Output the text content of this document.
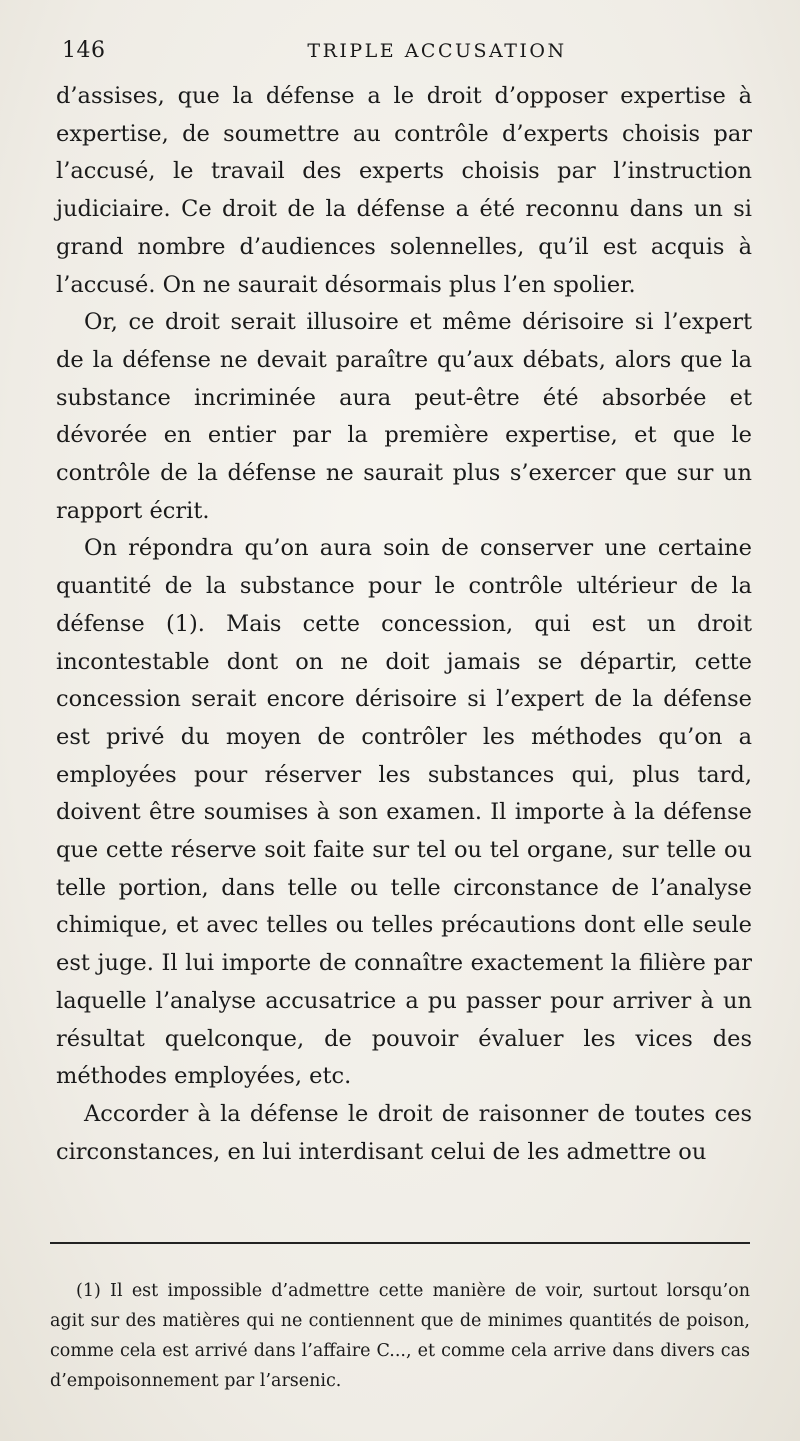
146	TRIPLE ACCUSATION

d’assises, que la défense a le droit d’opposer expertise à expertise, de soumettre au contrôle d’experts choisis par l’accusé, le travail des experts choisis par l’instruction judiciaire. Ce droit de la défense a été reconnu dans un si grand nombre d’audiences solennelles, qu’il est acquis à l’accusé. On ne saurait désormais plus l’en spolier.

Or, ce droit serait illusoire et même dérisoire si l’expert de la défense ne devait paraître qu’aux débats, alors que la substance incriminée aura peut-être été absorbée et dévorée en entier par la première expertise, et que le contrôle de la défense ne saurait plus s’exercer que sur un rapport écrit.

On répondra qu’on aura soin de conserver une certaine quantité de la substance pour le contrôle ultérieur de la défense (1). Mais cette concession, qui est un droit incontestable dont on ne doit jamais se départir, cette concession serait encore dérisoire si l’expert de la défense est privé du moyen de contrôler les méthodes qu’on a employées pour réserver les substances qui, plus tard, doivent être soumises à son examen. Il importe à la défense que cette réserve soit faite sur tel ou tel organe, sur telle ou telle portion, dans telle ou telle circonstance de l’analyse chimique, et avec telles ou telles précautions dont elle seule est juge. Il lui importe de connaître exactement la filière par laquelle l’analyse accusatrice a pu passer pour arriver à un résultat quelconque, de pouvoir évaluer les vices des méthodes employées, etc.

Accorder à la défense le droit de raisonner de toutes ces circonstances, en lui interdisant celui de les admettre ou

(1) Il est impossible d’admettre cette manière de voir, surtout lorsqu’on agit sur des matières qui ne contiennent que de minimes quantités de poison, comme cela est arrivé dans l’affaire C..., et comme cela arrive dans divers cas d’empoisonnement par l’arsenic.
